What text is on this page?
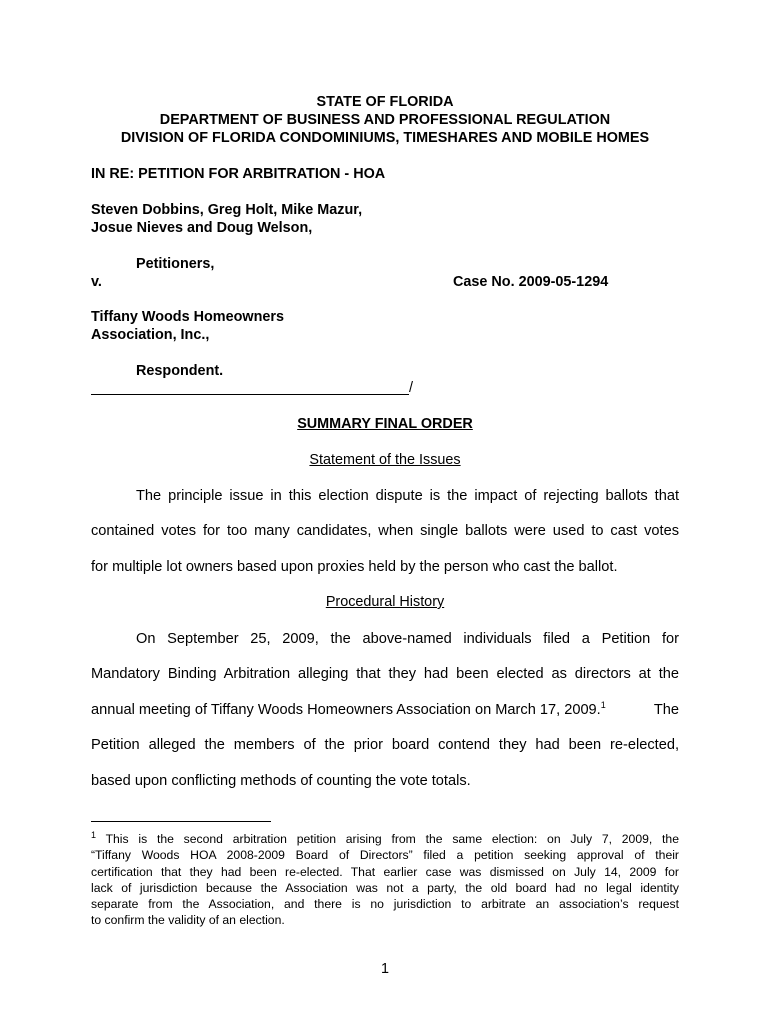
STATE OF FLORIDA
DEPARTMENT OF BUSINESS AND PROFESSIONAL REGULATION
DIVISION OF FLORIDA CONDOMINIUMS, TIMESHARES AND MOBILE HOMES
IN RE: PETITION FOR ARBITRATION - HOA
Steven Dobbins, Greg Holt, Mike Mazur,
Josue Nieves and Doug Welson,
Petitioners,
v.	Case No. 2009-05-1294
Tiffany Woods Homeowners
Association, Inc.,
Respondent.
/
SUMMARY FINAL ORDER
Statement of the Issues
The principle issue in this election dispute is the impact of rejecting ballots that
contained votes for too many candidates, when single ballots were used to cast votes
for multiple lot owners based upon proxies held by the person who cast the ballot.
Procedural History
On September 25, 2009, the above-named individuals filed a Petition for
Mandatory Binding Arbitration alleging that they had been elected as directors at the
annual meeting of Tiffany Woods Homeowners Association on March 17, 2009.$^1$	The
Petition alleged the members of the prior board contend they had been re-elected,
based upon conflicting methods of counting the vote totals.
$^1$ This is the second arbitration petition arising from the same election: on July 7, 2009, the
“Tiffany Woods HOA 2008-2009 Board of Directors” filed a petition seeking approval of their
certification that they had been re-elected. That earlier case was dismissed on July 14, 2009 for
lack of jurisdiction because the Association was not a party, the old board had no legal identity
separate from the Association, and there is no jurisdiction to arbitrate an association’s request
to confirm the validity of an election.
1
